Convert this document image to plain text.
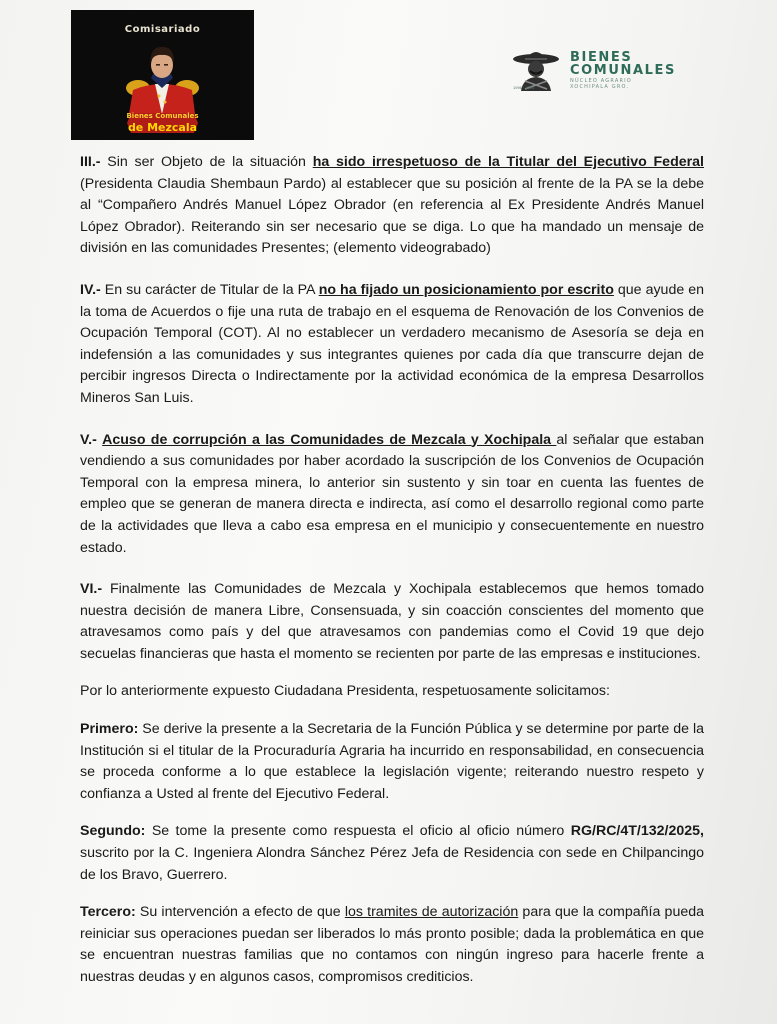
Comisariado
Bienes Comunales
de Mezcala
BIENES
COMUNALES
NÚCLEO AGRARIO
XOCHIPALA GRO.
1996 · 2024

III.- Sin ser Objeto de la situación ha sido irrespetuoso de la Titular del Ejecutivo Federal (Presidenta Claudia Shembaun Pardo) al establecer que su posición al frente de la PA se la debe al “Compañero Andrés Manuel López Obrador (en referencia al Ex Presidente Andrés Manuel López Obrador). Reiterando sin ser necesario que se diga. Lo que ha mandado un mensaje de división en las comunidades Presentes; (elemento videograbado)

IV.- En su carácter de Titular de la PA no ha fijado un posicionamiento por escrito que ayude en la toma de Acuerdos o fije una ruta de trabajo en el esquema de Renovación de los Convenios de Ocupación Temporal (COT). Al no establecer un verdadero mecanismo de Asesoría se deja en indefensión a las comunidades y sus integrantes quienes por cada día que transcurre dejan de percibir ingresos Directa o Indirectamente por la actividad económica de la empresa Desarrollos Mineros San Luis.

V.- Acuso de corrupción a las Comunidades de Mezcala y Xochipala al señalar que estaban vendiendo a sus comunidades por haber acordado la suscripción de los Convenios de Ocupación Temporal con la empresa minera, lo anterior sin sustento y sin toar en cuenta las fuentes de empleo que se generan de manera directa e indirecta, así como el desarrollo regional como parte de la actividades que lleva a cabo esa empresa en el municipio y consecuentemente en nuestro estado.

VI.- Finalmente las Comunidades de Mezcala y Xochipala establecemos que hemos tomado nuestra decisión de manera Libre, Consensuada, y sin coacción conscientes del momento que atravesamos como país y del que atravesamos con pandemias como el Covid 19 que dejo secuelas financieras que hasta el momento se recienten por parte de las empresas e instituciones.

Por lo anteriormente expuesto Ciudadana Presidenta, respetuosamente solicitamos:

Primero: Se derive la presente a la Secretaria de la Función Pública y se determine por parte de la Institución si el titular de la Procuraduría Agraria ha incurrido en responsabilidad, en consecuencia se proceda conforme a lo que establece la legislación vigente; reiterando nuestro respeto y confianza a Usted al frente del Ejecutivo Federal.

Segundo: Se tome la presente como respuesta el oficio al oficio número RG/RC/4T/132/2025, suscrito por la C. Ingeniera Alondra Sánchez Pérez Jefa de Residencia con sede en Chilpancingo de los Bravo, Guerrero.

Tercero: Su intervención a efecto de que los tramites de autorización para que la compañía pueda reiniciar sus operaciones puedan ser liberados lo más pronto posible; dada la problemática en que se encuentran nuestras familias que no contamos con ningún ingreso para hacerle frente a nuestras deudas y en algunos casos, compromisos crediticios.
